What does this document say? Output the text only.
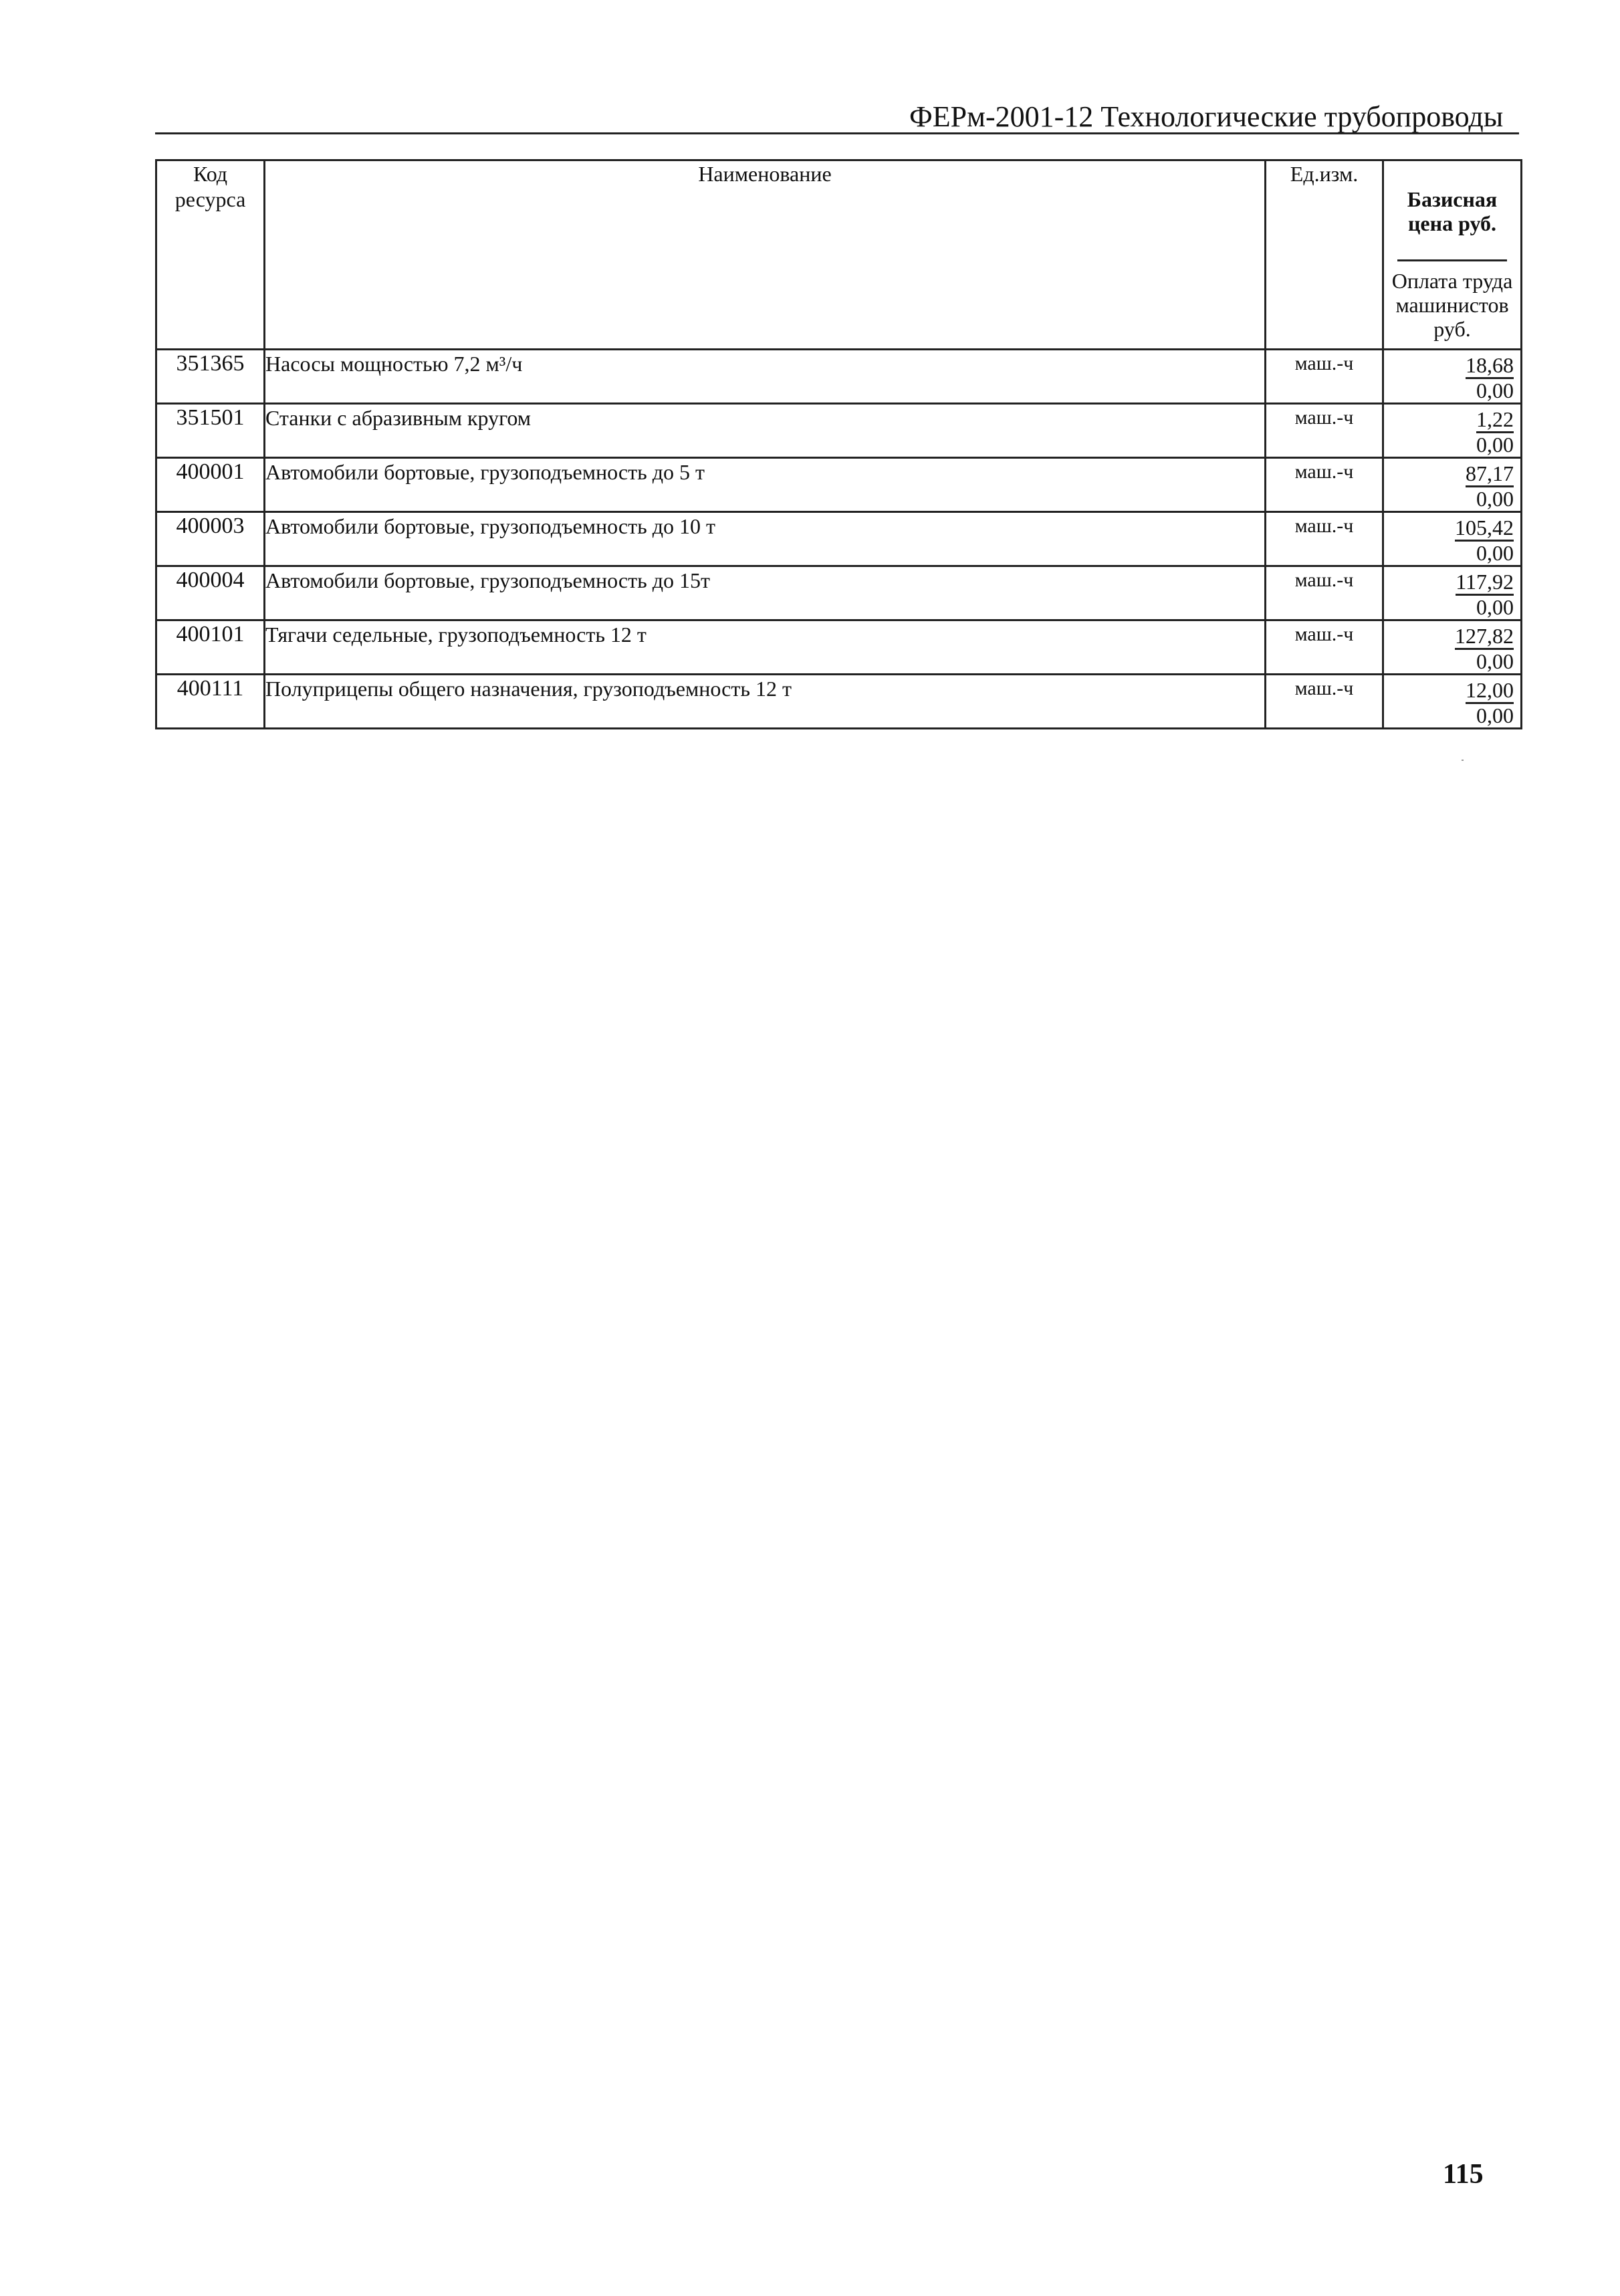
ФЕРм-2001-12 Технологические трубопроводы
Код ресурса	Наименование	Ед.изм.	Базисная цена руб.
Оплата труда машинистов руб.

351365	Насосы мощностью 7,2 м³/ч	маш.-ч	18,68
0,00

351501	Станки с абразивным кругом	маш.-ч	1,22
0,00

400001	Автомобили бортовые, грузоподъемность до 5 т	маш.-ч	87,17
0,00

400003	Автомобили бортовые, грузоподъемность до 10 т	маш.-ч	105,42
0,00

400004	Автомобили бортовые, грузоподъемность до 15т	маш.-ч	117,92
0,00

400101	Тягачи седельные, грузоподъемность 12 т	маш.-ч	127,82
0,00

400111	Полуприцепы общего назначения, грузоподъемность 12 т	маш.-ч	12,00
0,00
115
